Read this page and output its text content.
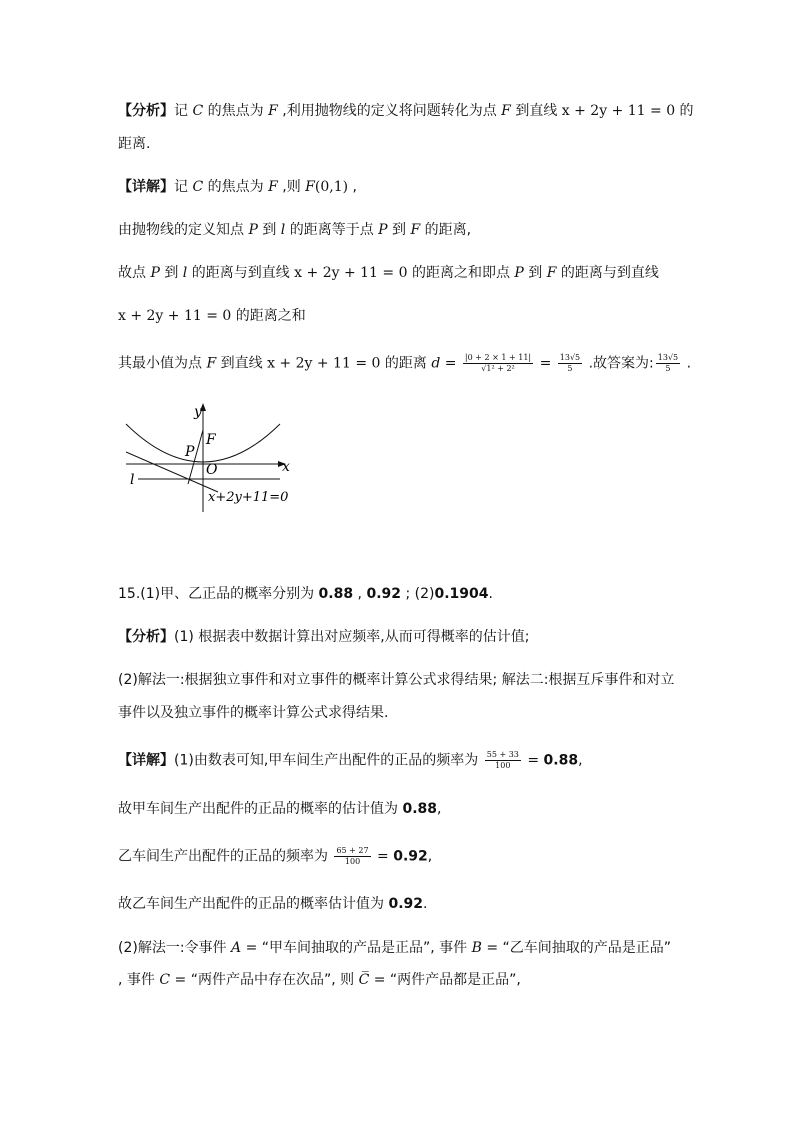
【分析】记 C 的焦点为 F ,利用抛物线的定义将问题转化为点 F 到直线 x + 2y + 11 = 0 的
距离.
【详解】记 C 的焦点为 F ,则 F(0,1) ,
由抛物线的定义知点 P 到 l 的距离等于点 P 到 F 的距离,
故点 P 到 l 的距离与到直线 x + 2y + 11 = 0 的距离之和即点 P 到 F 的距离与到直线
x + 2y + 11 = 0 的距离之和
其最小值为点 F 到直线 x + 2y + 11 = 0 的距离 $d = \frac{|0 + 2 \times 1 + 11|}{\text{√1² + 2²}} = \frac{13√5}{5}$ .故答案为: $\frac{13√5}{5}$ .
y
x
F
P
O
l
x+2y+11=0
15.(1)甲、乙正品的概率分别为 0.88 , 0.92 ; (2)0.1904.
【分析】(1) 根据表中数据计算出对应频率,从而可得概率的估计值;
(2)解法一:根据独立事件和对立事件的概率计算公式求得结果; 解法二:根据互斥事件和对立
事件以及独立事件的概率计算公式求得结果.
【详解】(1)由数表可知,甲车间生产出配件的正品的频率为 $\frac{55 + 33}{100} = 0.88$,
故甲车间生产出配件的正品的概率的估计值为 0.88,
乙车间生产出配件的正品的频率为 $\frac{65 + 27}{100} = 0.92$,
故乙车间生产出配件的正品的概率估计值为 0.92.
(2)解法一:令事件 A = “甲车间抽取的产品是正品”, 事件 B = “乙车间抽取的产品是正品”
, 事件 C = “两件产品中存在次品”, 则 C̅ = “两件产品都是正品”,
